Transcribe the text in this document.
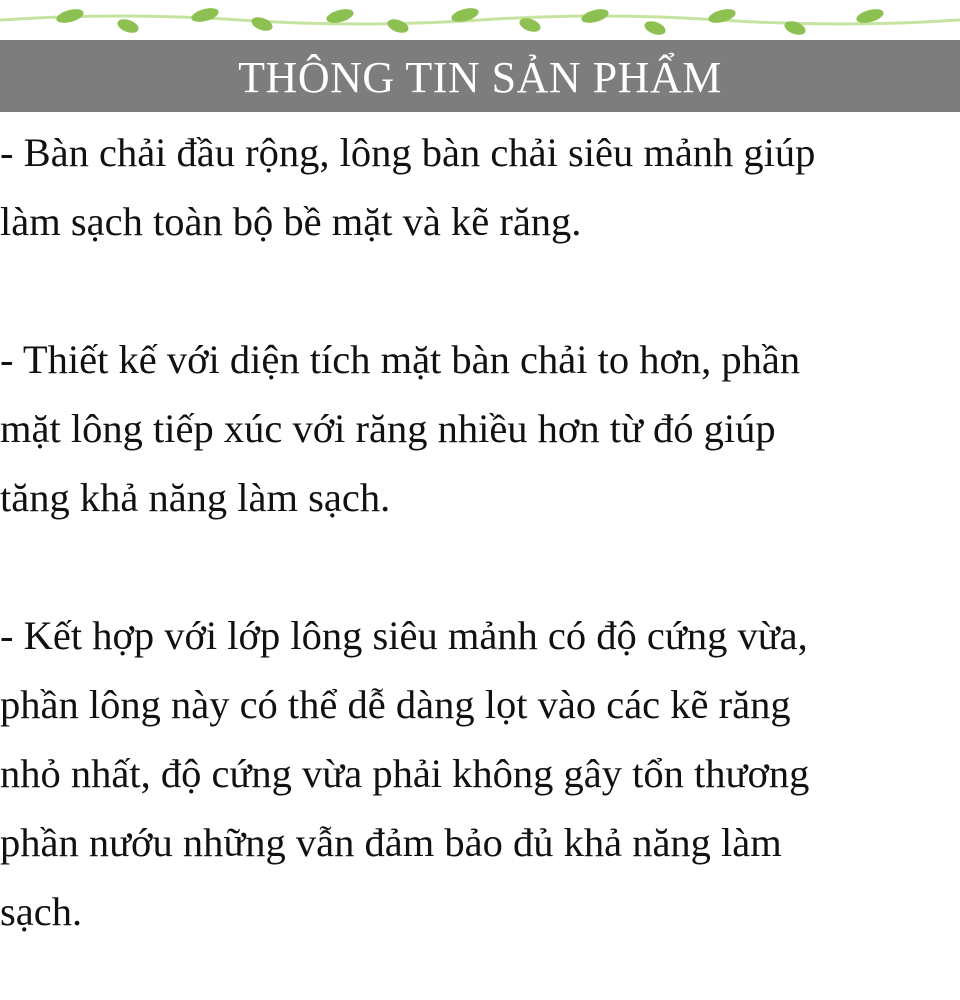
THÔNG TIN SẢN PHẨM
- Bàn chải đầu rộng, lông bàn chải siêu mảnh giúp
làm sạch toàn bộ bề mặt và kẽ răng.
- Thiết kế với diện tích mặt bàn chải to hơn, phần
mặt lông tiếp xúc với răng nhiều hơn từ đó giúp
tăng khả năng làm sạch.
- Kết hợp với lớp lông siêu mảnh có độ cứng vừa,
phần lông này có thể dễ dàng lọt vào các kẽ răng
nhỏ nhất, độ cứng vừa phải không gây tổn thương
phần nướu những vẫn đảm bảo đủ khả năng làm
sạch.
